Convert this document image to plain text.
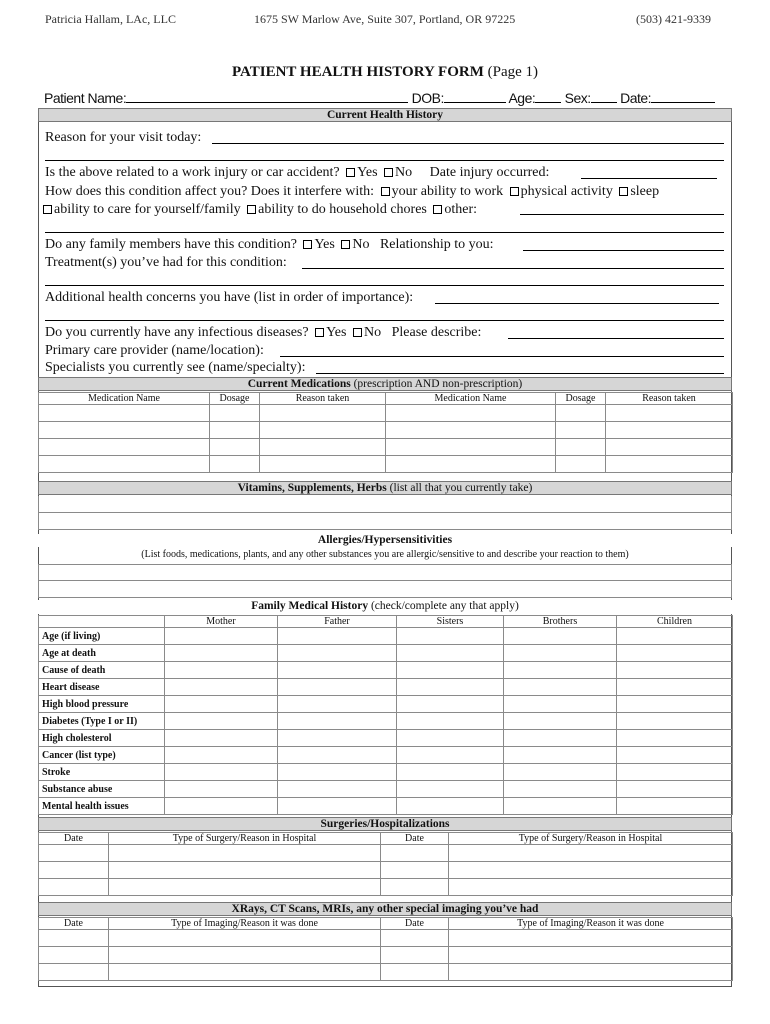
Patricia Hallam, LAc, LLC	1675 SW Marlow Ave, Suite 307, Portland, OR 97225	(503) 421-9339
PATIENT HEALTH HISTORY FORM (Page 1)
Patient Name:	DOB:	Age: Sex: Date:
Current Health History
Reason for your visit today:
Is the above related to a work injury or car accident? Yes No Date injury occurred:
How does this condition affect you? Does it interfere with: your ability to work physical activity sleep
ability to care for yourself/family ability to do household chores other:
Do any family members have this condition? Yes No Relationship to you:
Treatment(s) you’ve had for this condition:
Additional health concerns you have (list in order of importance):
Do you currently have any infectious diseases? Yes No Please describe:
Primary care provider (name/location):
Specialists you currently see (name/specialty):
Current Medications (prescription AND non-prescription)
Medication Name	Dosage	Reason taken	Medication Name	Dosage	Reason taken

Vitamins, Supplements, Herbs (list all that you currently take)
Allergies/Hypersensitivities
(List foods, medications, plants, and any other substances you are allergic/sensitive to and describe your reaction to them)
Family Medical History (check/complete any that apply)
	Mother	Father	Sisters	Brothers	Children
Age (if living)					
Age at death					
Cause of death					
Heart disease					
High blood pressure					
Diabetes (Type I or II)					
High cholesterol					
Cancer (list type)					
Stroke					
Substance abuse					
Mental health issues					
Surgeries/Hospitalizations
Date	Type of Surgery/Reason in Hospital	Date	Type of Surgery/Reason in Hospital

XRays, CT Scans, MRIs, any other special imaging you’ve had
Date	Type of Imaging/Reason it was done	Date	Type of Imaging/Reason it was done
